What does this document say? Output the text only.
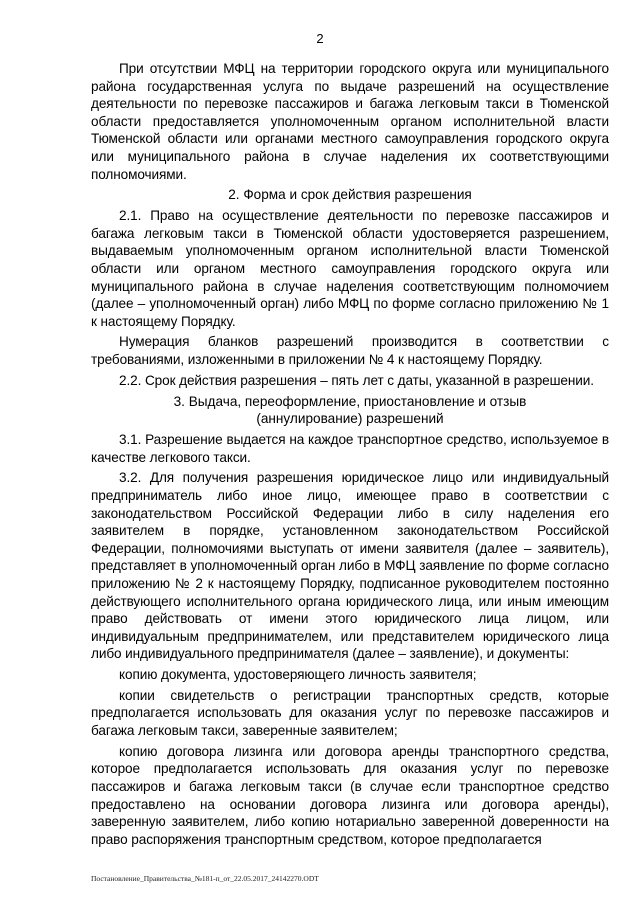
2

При отсутствии МФЦ на территории городского округа или муниципального района государственная услуга по выдаче разрешений на осуществление деятельности по перевозке пассажиров и багажа легковым такси в Тюменской области предоставляется уполномоченным органом исполнительной власти Тюменской области или органами местного самоуправления городского округа или муниципального района в случае наделения их соответствующими полномочиями.

2. Форма и срок действия разрешения

2.1. Право на осуществление деятельности по перевозке пассажиров и багажа легковым такси в Тюменской области удостоверяется разрешением, выдаваемым уполномоченным органом исполнительной власти Тюменской области или органом местного самоуправления городского округа или муниципального района в случае наделения соответствующим полномочием (далее – уполномоченный орган) либо МФЦ по форме согласно приложению № 1 к настоящему Порядку.

Нумерация бланков разрешений производится в соответствии с требованиями, изложенными в приложении № 4 к настоящему Порядку.

2.2. Срок действия разрешения – пять лет с даты, указанной в разрешении.

3. Выдача, переоформление, приостановление и отзыв
(аннулирование) разрешений

3.1. Разрешение выдается на каждое транспортное средство, используемое в качестве легкового такси.

3.2. Для получения разрешения юридическое лицо или индивидуальный предприниматель либо иное лицо, имеющее право в соответствии с законодательством Российской Федерации либо в силу наделения его заявителем в порядке, установленном законодательством Российской Федерации, полномочиями выступать от имени заявителя (далее – заявитель), представляет в уполномоченный орган либо в МФЦ заявление по форме согласно приложению № 2 к настоящему Порядку, подписанное руководителем постоянно действующего исполнительного органа юридического лица, или иным имеющим право действовать от имени этого юридического лица лицом, или индивидуальным предпринимателем, или представителем юридического лица либо индивидуального предпринимателя (далее – заявление), и документы:

копию документа, удостоверяющего личность заявителя;

копии свидетельств о регистрации транспортных средств, которые предполагается использовать для оказания услуг по перевозке пассажиров и багажа легковым такси, заверенные заявителем;

копию договора лизинга или договора аренды транспортного средства, которое предполагается использовать для оказания услуг по перевозке пассажиров и багажа легковым такси (в случае если транспортное средство предоставлено на основании договора лизинга или договора аренды), заверенную заявителем, либо копию нотариально заверенной доверенности на право распоряжения транспортным средством, которое предполагается

Постановление_Правительства_№181-п_от_22.05.2017_24142270.ODT
